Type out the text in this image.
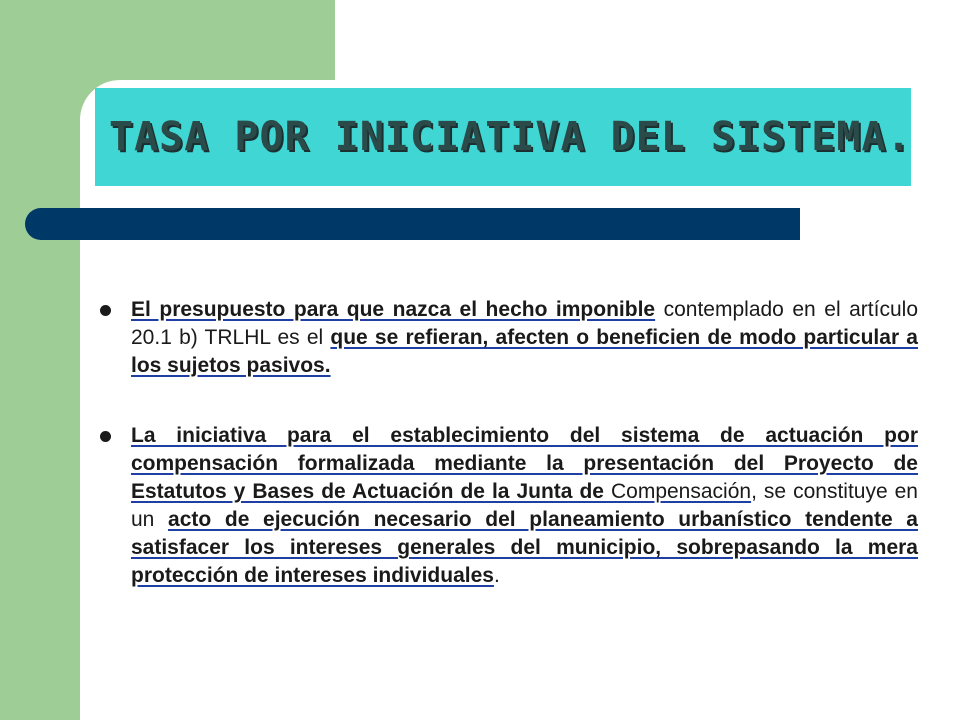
TASA POR INICIATIVA DEL SISTEMA.
El presupuesto para que nazca el hecho imponible contemplado en el artículo 20.1 b) TRLHL es el que se refieran, afecten o beneficien de modo particular a los sujetos pasivos.
La iniciativa para el establecimiento del sistema de actuación por compensación formalizada mediante la presentación del Proyecto de Estatutos y Bases de Actuación de la Junta de Compensación, se constituye en un acto de ejecución necesario del planeamiento urbanístico tendente a satisfacer los intereses generales del municipio, sobrepasando la mera protección de intereses individuales.
